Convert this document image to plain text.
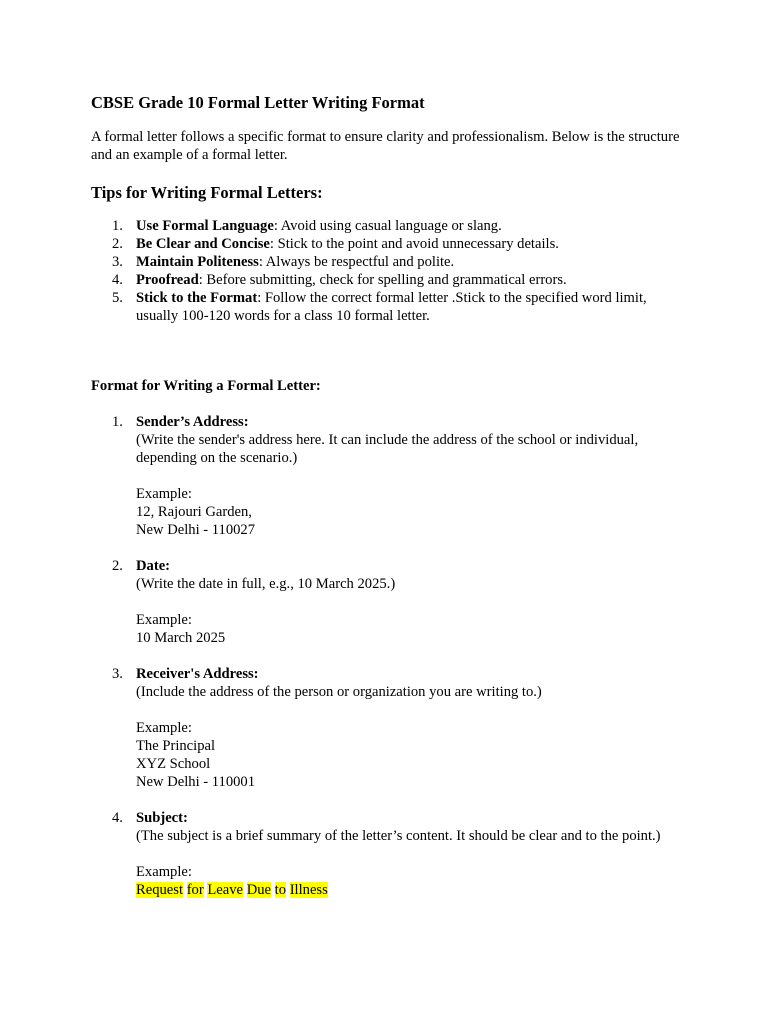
CBSE Grade 10 Formal Letter Writing Format

A formal letter follows a specific format to ensure clarity and professionalism. Below is the structure and an example of a formal letter.

Tips for Writing Formal Letters:
1. Use Formal Language: Avoid using casual language or slang.
2. Be Clear and Concise: Stick to the point and avoid unnecessary details.
3. Maintain Politeness: Always be respectful and polite.
4. Proofread: Before submitting, check for spelling and grammatical errors.
5. Stick to the Format: Follow the correct formal letter .Stick to the specified word limit, usually 100-120 words for a class 10 formal letter.

Format for Writing a Formal Letter:

1. Sender’s Address:
(Write the sender's address here. It can include the address of the school or individual, depending on the scenario.)
Example:
12, Rajouri Garden,
New Delhi - 110027
2. Date:
(Write the date in full, e.g., 10 March 2025.)
Example:
10 March 2025
3. Receiver's Address:
(Include the address of the person or organization you are writing to.)
Example:
The Principal
XYZ School
New Delhi - 110001
4. Subject:
(The subject is a brief summary of the letter’s content. It should be clear and to the point.)
Example:
Request for Leave Due to Illness
